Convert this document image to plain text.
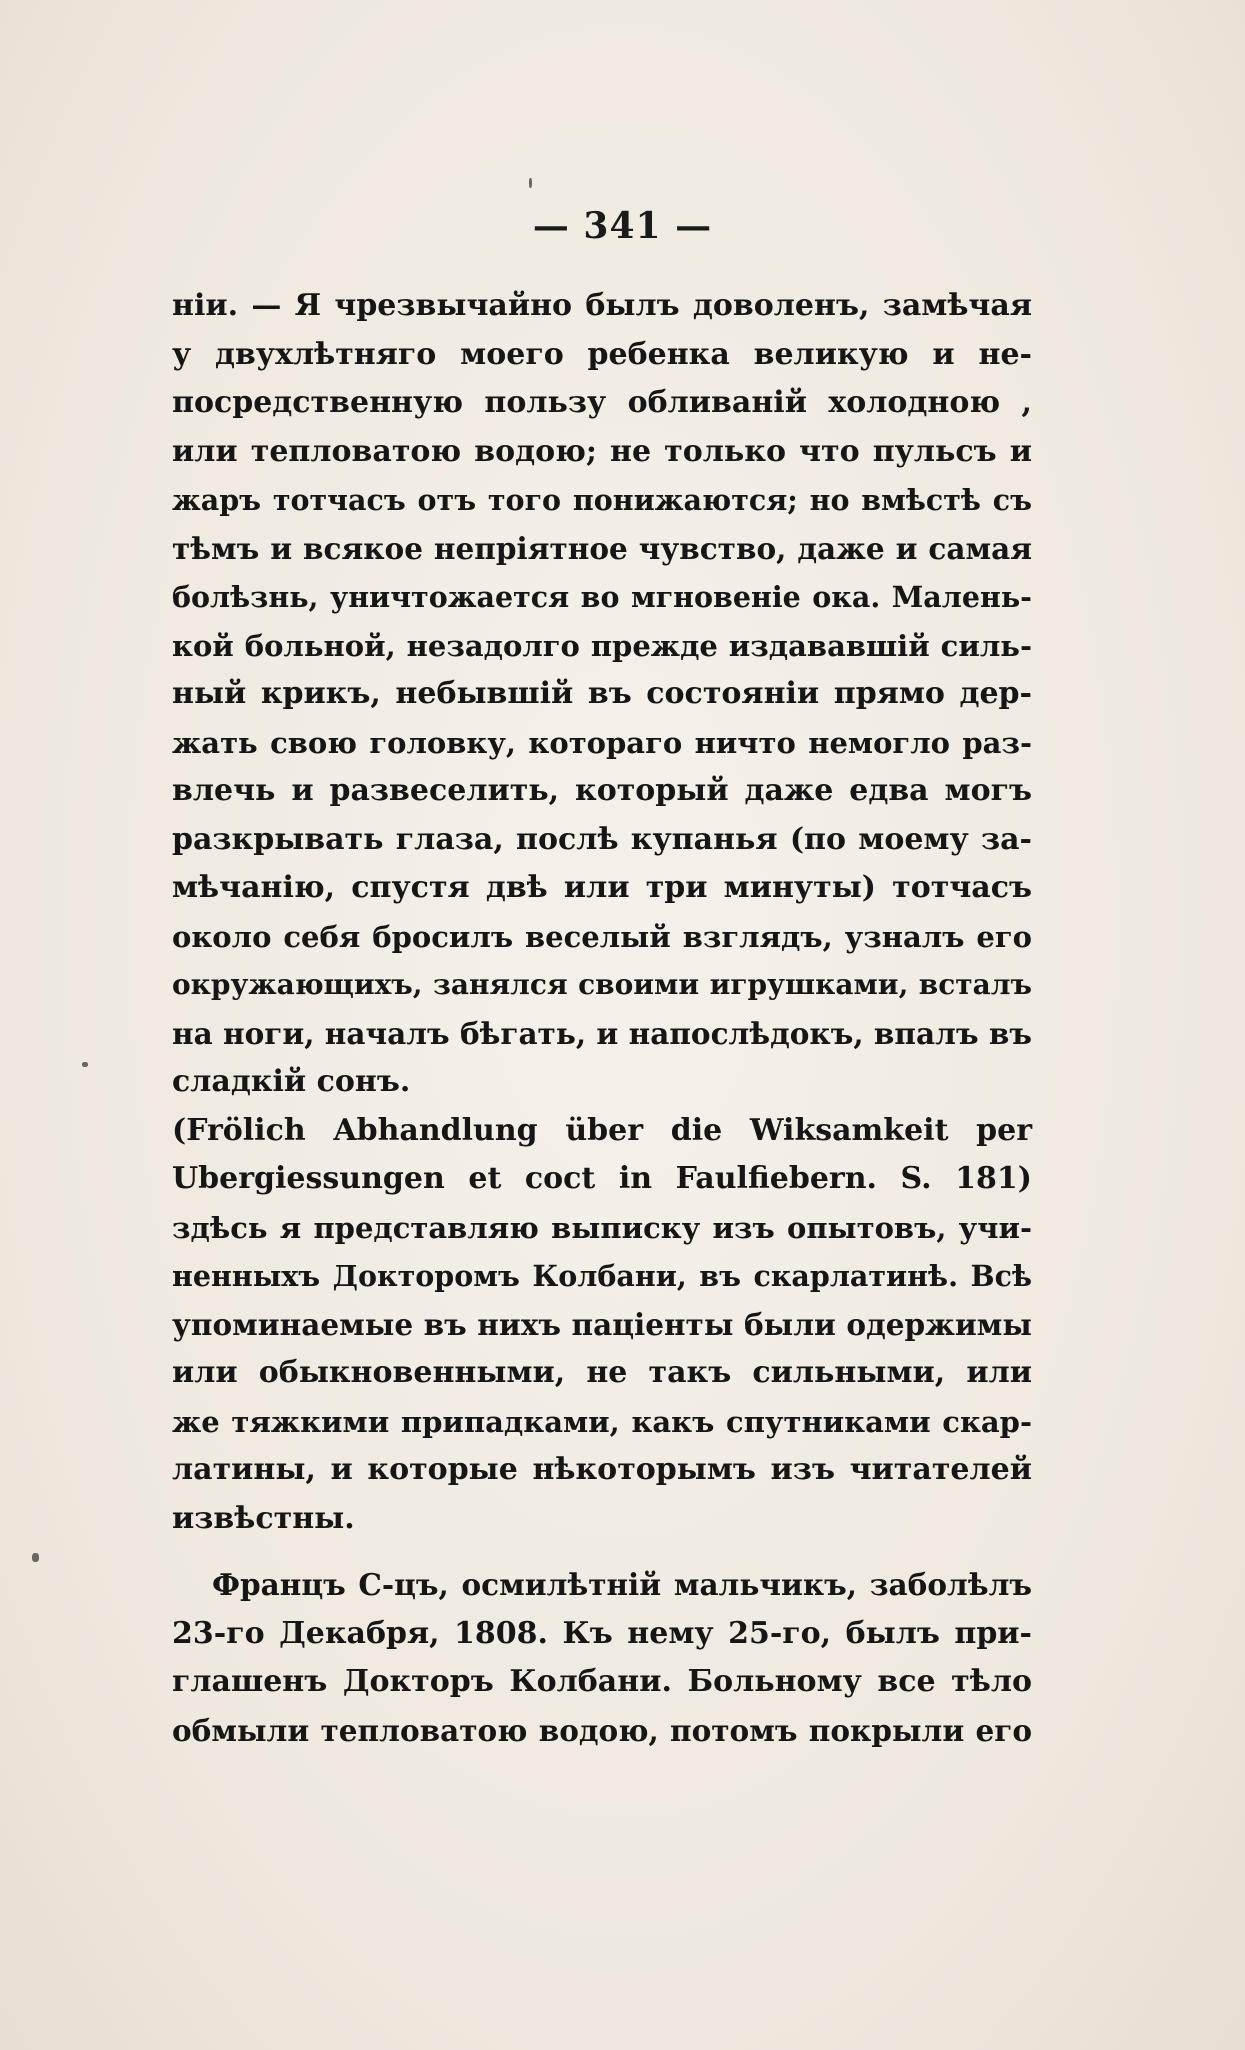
— 341 —
ніи. — Я чрезвычайно былъ доволенъ, замѣчая
у двухлѣтняго моего ребенка великую и не-
посредственную пользу обливаній холодною ,
или тепловатою водою; не только что пульсъ и
жаръ тотчасъ отъ того понижаются; но вмѣстѣ съ
тѣмъ и всякое непріятное чувство, даже и самая
болѣзнь, уничтожается во мгновеніе ока. Малень-
кой больной, незадолго прежде издававшій силь-
ный крикъ, небывшій въ состояніи прямо дер-
жать свою головку, котораго ничто немогло раз-
влечь и развеселить, который даже едва могъ
разкрывать глаза, послѣ купанья (по моему за-
мѣчанію, спустя двѣ или три минуты) тотчасъ
около себя бросилъ веселый взглядъ, узналъ его
окружающихъ, занялся своими игрушками, всталъ
на ноги, началъ бѣгать, и напослѣдокъ, впалъ въ
сладкій сонъ.
(Frölich Abhandlung über die Wiksamkeit per
Ubergiessungen et coct in Faulfiebern. S. 181)
здѣсь я представляю выписку изъ опытовъ, учи-
ненныхъ Докторомъ Колбани, въ скарлатинѣ. Всѣ
упоминаемые въ нихъ паціенты были одержимы
или обыкновенными, не такъ сильными, или
же тяжкими припадками, какъ спутниками скар-
латины, и которые нѣкоторымъ изъ читателей
извѣстны.
Францъ С-цъ, осмилѣтній мальчикъ, заболѣлъ
23-го Декабря, 1808. Къ нему 25-го, былъ при-
глашенъ Докторъ Колбани. Больному все тѣло
обмыли тепловатою водою, потомъ покрыли его
